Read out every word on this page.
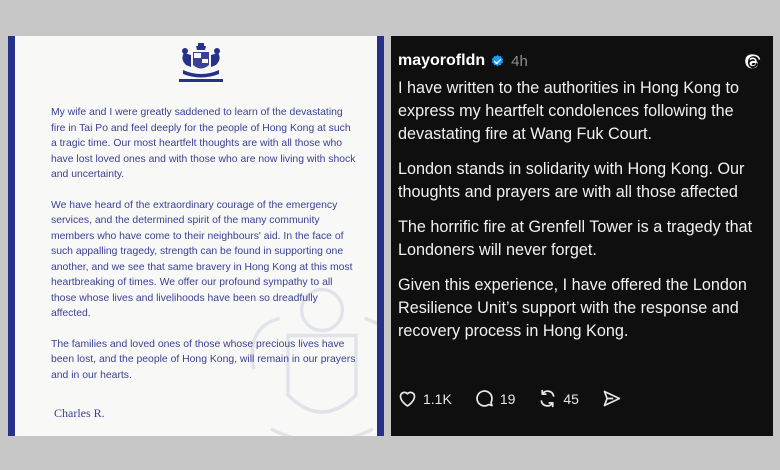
My wife and I were greatly saddened to learn of the devastating fire in Tai Po and feel deeply for the people of Hong Kong at such a tragic time. Our most heartfelt thoughts are with all those who have lost loved ones and with those who are now living with shock and uncertainty.

We have heard of the extraordinary courage of the emergency services, and the determined spirit of the many community members who have come to their neighbours' aid. In the face of such appalling tragedy, strength can be found in supporting one another, and we see that same bravery in Hong Kong at this most heartbreaking of times. We offer our profound sympathy to all those whose lives and livelihoods have been so dreadfully affected.

The families and loved ones of those whose precious lives have been lost, and the people of Hong Kong, will remain in our prayers and in our hearts.

Charles R.
mayorofldn 4h

I have written to the authorities in Hong Kong to express my heartfelt condolences following the devastating fire at Wang Fuk Court.

London stands in solidarity with Hong Kong. Our thoughts and prayers are with all those affected

The horrific fire at Grenfell Tower is a tragedy that Londoners will never forget.

Given this experience, I have offered the London Resilience Unit’s support with the response and recovery process in Hong Kong.

1.1K	19	45
